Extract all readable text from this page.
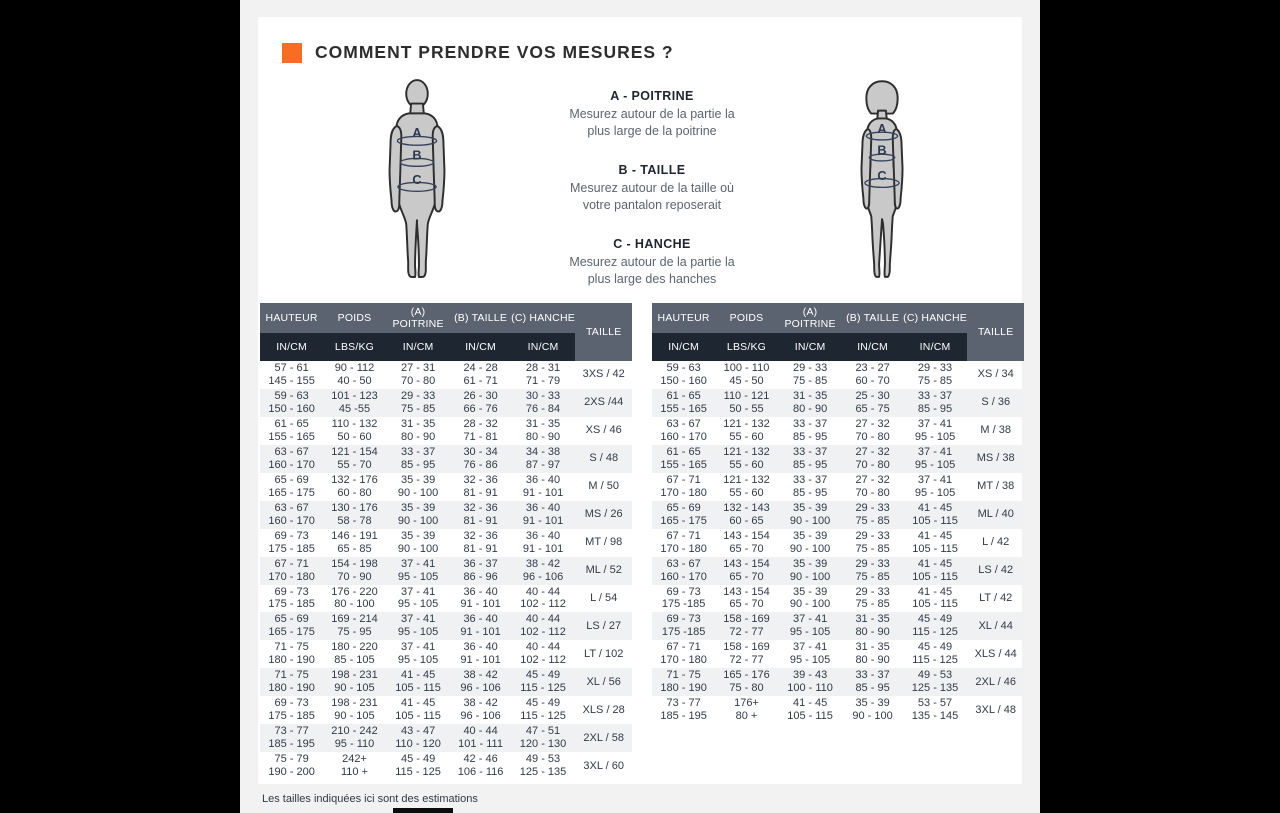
COMMENT PRENDRE VOS MESURES ?
A
B
C
A - POITRINE
Mesurez autour de la partie la
plus large de la poitrine
B - TAILLE
Mesurez autour de la taille où
votre pantalon reposerait
C - HANCHE
Mesurez autour de la partie la
plus large des hanches
A
B
C
HAUTEUR	POIDS	(A) POITRINE	(B) TAILLE	(C) HANCHE	TAILLE
IN/CM	LBS/KG	IN/CM	IN/CM	IN/CM	

57 - 61
145 - 155

90 - 112
40 - 50

27 - 31
70 - 80

24 - 28
61 - 71

28 - 31
71 - 79
	3XS / 42

59 - 63
150 - 160

101 - 123
45 -55

29 - 33
75 - 85

26 - 30
66 - 76

30 - 33
76 - 84
	2XS /44

61 - 65
155 - 165

110 - 132
50 - 60

31 - 35
80 - 90

28 - 32
71 - 81

31 - 35
80 - 90
	XS / 46

63 - 67
160 - 170

121 - 154
55 - 70

33 - 37
85 - 95

30 - 34
76 - 86

34 - 38
87 - 97
	S / 48

65 - 69
165 - 175

132 - 176
60 - 80

35 - 39
90 - 100

32 - 36
81 - 91

36 - 40
91 - 101
	M / 50

63 - 67
160 - 170

130 - 176
58 - 78

35 - 39
90 - 100

32 - 36
81 - 91

36 - 40
91 - 101
	MS / 26

69 - 73
175 - 185

146 - 191
65 - 85

35 - 39
90 - 100

32 - 36
81 - 91

36 - 40
91 - 101
	MT / 98

67 - 71
170 - 180

154 - 198
70 - 90

37 - 41
95 - 105

36 - 37
86 - 96

38 - 42
96 - 106
	ML / 52

69 - 73
175 - 185

176 - 220
80 - 100

37 - 41
95 - 105

36 - 40
91 - 101

40 - 44
102 - 112
	L / 54

65 - 69
165 - 175

169 - 214
75 - 95

37 - 41
95 - 105

36 - 40
91 - 101

40 - 44
102 - 112
	LS / 27

71 - 75
180 - 190

180 - 220
85 - 105

37 - 41
95 - 105

36 - 40
91 - 101

40 - 44
102 - 112
	LT / 102

71 - 75
180 - 190

198 - 231
90 - 105

41 - 45
105 - 115

38 - 42
96 - 106

45 - 49
115 - 125
	XL / 56

69 - 73
175 - 185

198 - 231
90 - 105

41 - 45
105 - 115

38 - 42
96 - 106

45 - 49
115 - 125
	XLS / 28

73 - 77
185 - 195

210 - 242
95 - 110

43 - 47
110 - 120

40 - 44
101 - 111

47 - 51
120 - 130
	2XL / 58

75 - 79
190 - 200

242+
110 +

45 - 49
115 - 125

42 - 46
106 - 116

49 - 53
125 - 135
	3XL / 60
HAUTEUR	POIDS	(A) POITRINE	(B) TAILLE	(C) HANCHE	TAILLE
IN/CM	LBS/KG	IN/CM	IN/CM	IN/CM	

59 - 63
150 - 160

100 - 110
45 - 50

29 - 33
75 - 85

23 - 27
60 - 70

29 - 33
75 - 85
	XS / 34

61 - 65
155 - 165

110 - 121
50 - 55

31 - 35
80 - 90

25 - 30
65 - 75

33 - 37
85 - 95
	S / 36

63 - 67
160 - 170

121 - 132
55 - 60

33 - 37
85 - 95

27 - 32
70 - 80

37 - 41
95 - 105
	M / 38

61 - 65
155 - 165

121 - 132
55 - 60

33 - 37
85 - 95

27 - 32
70 - 80

37 - 41
95 - 105
	MS / 38

67 - 71
170 - 180

121 - 132
55 - 60

33 - 37
85 - 95

27 - 32
70 - 80

37 - 41
95 - 105
	MT / 38

65 - 69
165 - 175

132 - 143
60 - 65

35 - 39
90 - 100

29 - 33
75 - 85

41 - 45
105 - 115
	ML / 40

67 - 71
170 - 180

143 - 154
65 - 70

35 - 39
90 - 100

29 - 33
75 - 85

41 - 45
105 - 115
	L / 42

63 - 67
160 - 170

143 - 154
65 - 70

35 - 39
90 - 100

29 - 33
75 - 85

41 - 45
105 - 115
	LS / 42

69 - 73
175 -185

143 - 154
65 - 70

35 - 39
90 - 100

29 - 33
75 - 85

41 - 45
105 - 115
	LT / 42

69 - 73
175 -185

158 - 169
72 - 77

37 - 41
95 - 105

31 - 35
80 - 90

45 - 49
115 - 125
	XL / 44

67 - 71
170 - 180

158 - 169
72 - 77

37 - 41
95 - 105

31 - 35
80 - 90

45 - 49
115 - 125
	XLS / 44

71 - 75
180 - 190

165 - 176
75 - 80

39 - 43
100 - 110

33 - 37
85 - 95

49 - 53
125 - 135
	2XL / 46

73 - 77
185 - 195

176+
80 +

41 - 45
105 - 115

35 - 39
90 - 100

53 - 57
135 - 145
	3XL / 48
Les tailles indiquées ici sont des estimations
